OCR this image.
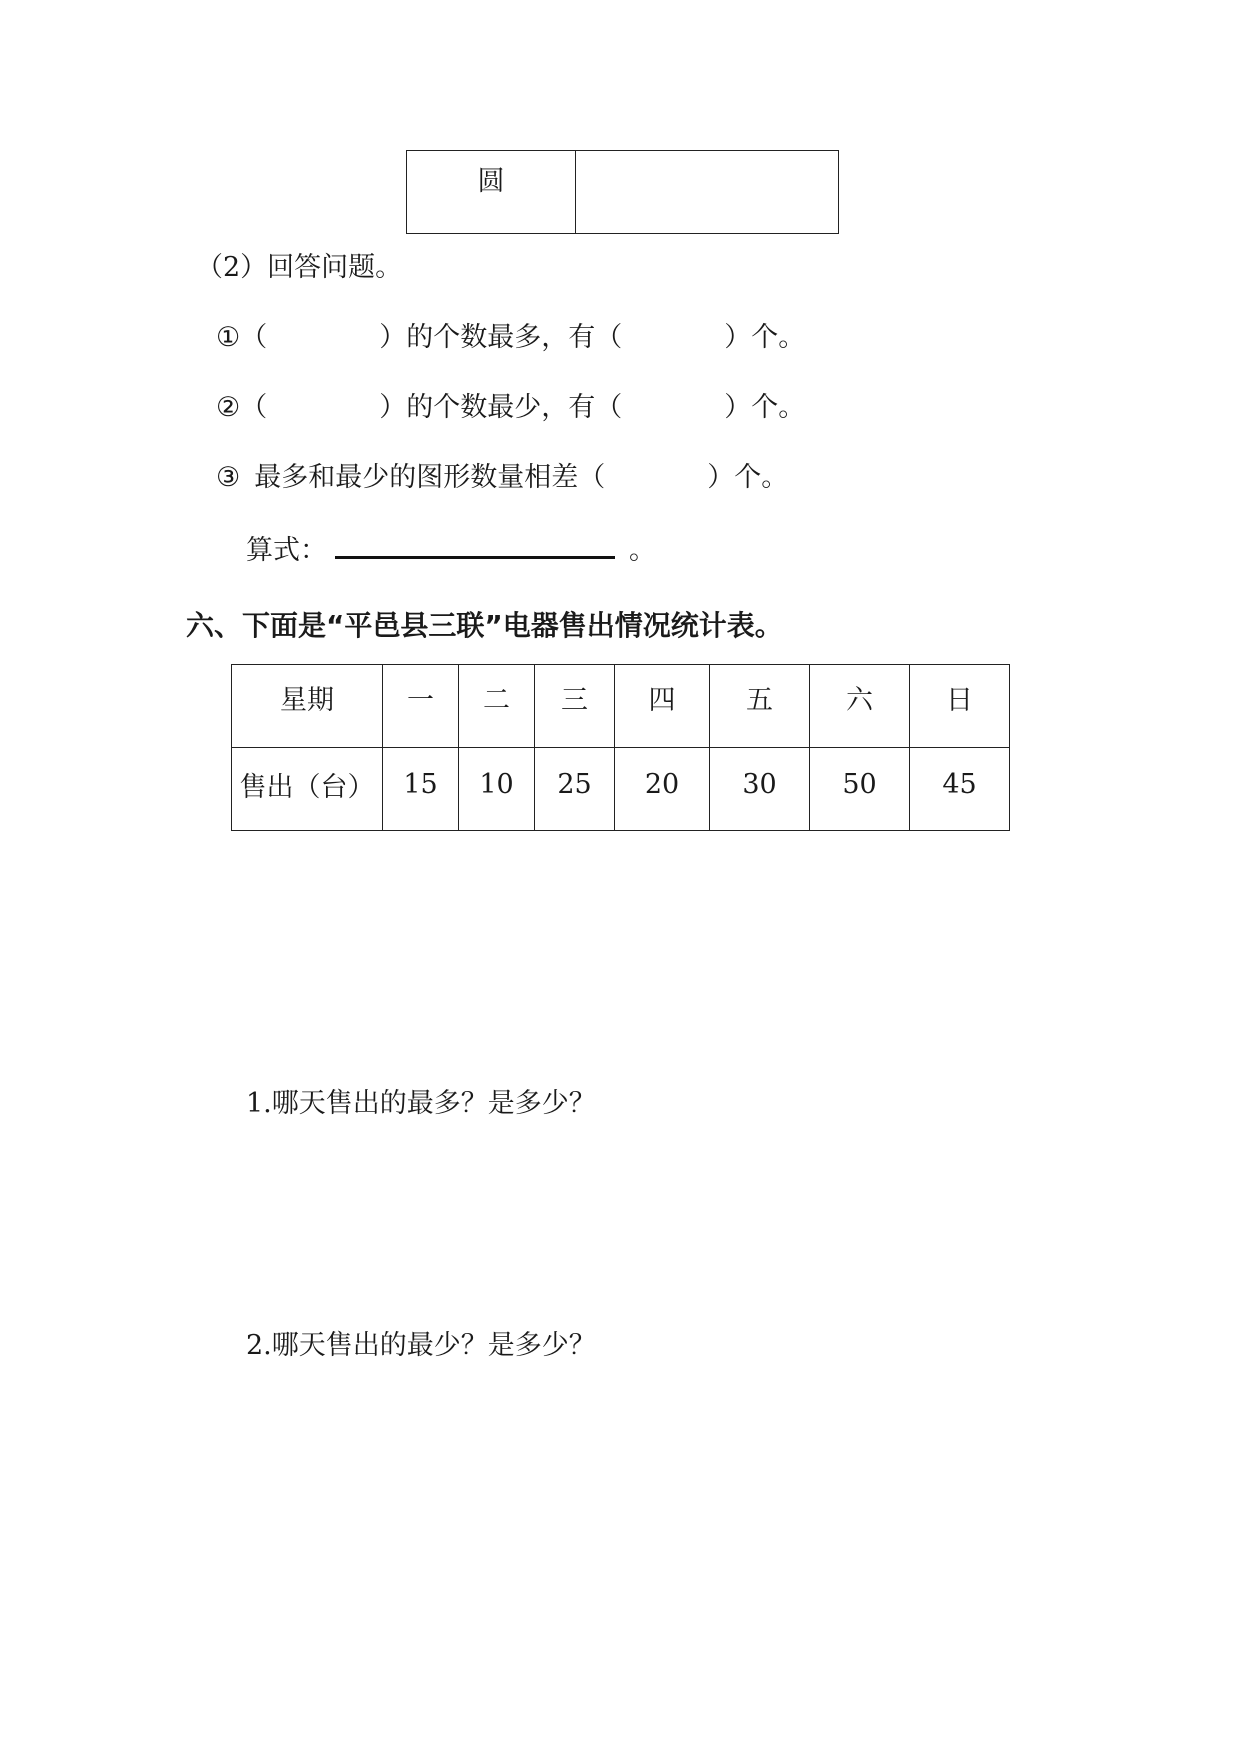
圆	
（2）回答问题。
①（	）的个数最多，有（	）个。
②（	）的个数最少，有（	）个。
③ 最多和最少的图形数量相差（	）个。
算式：	。
六、下面是“平邑县三联”电器售出情况统计表。
星期	一	二	三	四	五	六	日
售出（台）	15	10	25	20	30	50	45
1.哪天售出的最多？是多少？
2.哪天售出的最少？是多少？
